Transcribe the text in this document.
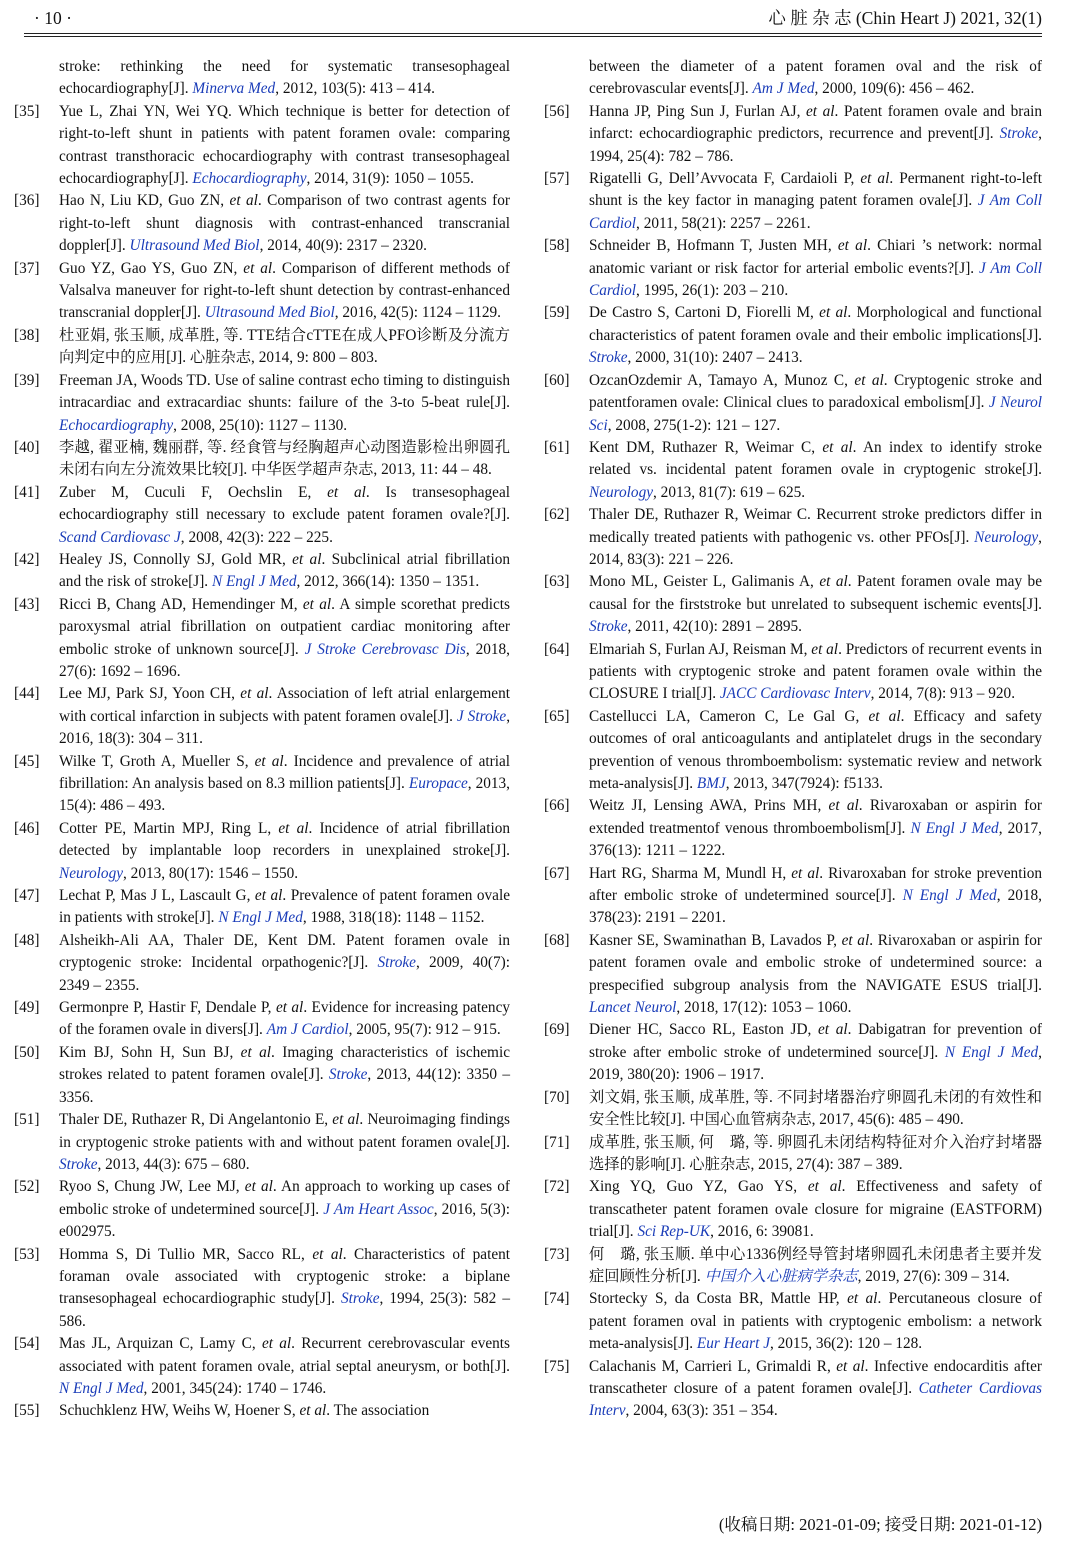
· 10 ·	心 脏 杂 志 (Chin Heart J) 2021, 32(1)

stroke: rethinking the need for systematic transesophageal echocardiography[J]. Minerva Med, 2012, 103(5): 413 – 414.

[35] Yue L, Zhai YN, Wei YQ. Which technique is better for detection of right-to-left shunt in patients with patent foramen ovale: comparing contrast transthoracic echocardiography with contrast transesophageal echocardiography[J]. Echocardiography, 2014, 31(9): 1050 – 1055.

[36] Hao N, Liu KD, Guo ZN, et al. Comparison of two contrast agents for right-to-left shunt diagnosis with contrast-enhanced transcranial doppler[J]. Ultrasound Med Biol, 2014, 40(9): 2317 – 2320.

[37] Guo YZ, Gao YS, Guo ZN, et al. Comparison of different methods of Valsalva maneuver for right-to-left shunt detection by contrast-enhanced transcranial doppler[J]. Ultrasound Med Biol, 2016, 42(5): 1124 – 1129.

[38] 杜亚娟, 张玉顺, 成革胜, 等. TTE结合cTTE在成人PFO诊断及分流方向判定中的应用[J]. 心脏杂志, 2014, 9: 800 – 803.

[39] Freeman JA, Woods TD. Use of saline contrast echo timing to distinguish intracardiac and extracardiac shunts: failure of the 3-to 5-beat rule[J]. Echocardiography, 2008, 25(10): 1127 – 1130.

[40] 李越, 翟亚楠, 魏丽群, 等. 经食管与经胸超声心动图造影检出卵圆孔未闭右向左分流效果比较[J]. 中华医学超声杂志, 2013, 11: 44 – 48.

[41] Zuber M, Cuculi F, Oechslin E, et al. Is transesophageal echocardiography still necessary to exclude patent foramen ovale?[J]. Scand Cardiovasc J, 2008, 42(3): 222 – 225.

[42] Healey JS, Connolly SJ, Gold MR, et al. Subclinical atrial fibrillation and the risk of stroke[J]. N Engl J Med, 2012, 366(14): 1350 – 1351.

[43] Ricci B, Chang AD, Hemendinger M, et al. A simple scorethat predicts paroxysmal atrial fibrillation on outpatient cardiac monitoring after embolic stroke of unknown source[J]. J Stroke Cerebrovasc Dis, 2018, 27(6): 1692 – 1696.

[44] Lee MJ, Park SJ, Yoon CH, et al. Association of left atrial enlargement with cortical infarction in subjects with patent foramen ovale[J]. J Stroke, 2016, 18(3): 304 – 311.

[45] Wilke T, Groth A, Mueller S, et al. Incidence and prevalence of atrial fibrillation: An analysis based on 8.3 million patients[J]. Europace, 2013, 15(4): 486 – 493.

[46] Cotter PE, Martin MPJ, Ring L, et al. Incidence of atrial fibrillation detected by implantable loop recorders in unexplained stroke[J]. Neurology, 2013, 80(17): 1546 – 1550.

[47] Lechat P, Mas J L, Lascault G, et al. Prevalence of patent foramen ovale in patients with stroke[J]. N Engl J Med, 1988, 318(18): 1148 – 1152.

[48] Alsheikh-Ali AA, Thaler DE, Kent DM. Patent foramen ovale in cryptogenic stroke: Incidental orpathogenic?[J]. Stroke, 2009, 40(7): 2349 – 2355.

[49] Germonpre P, Hastir F, Dendale P, et al. Evidence for increasing patency of the foramen ovale in divers[J]. Am J Cardiol, 2005, 95(7): 912 – 915.

[50] Kim BJ, Sohn H, Sun BJ, et al. Imaging characteristics of ischemic strokes related to patent foramen ovale[J]. Stroke, 2013, 44(12): 3350 – 3356.

[51] Thaler DE, Ruthazer R, Di Angelantonio E, et al. Neuroimaging findings in cryptogenic stroke patients with and without patent foramen ovale[J]. Stroke, 2013, 44(3): 675 – 680.

[52] Ryoo S, Chung JW, Lee MJ, et al. An approach to working up cases of embolic stroke of undetermined source[J]. J Am Heart Assoc, 2016, 5(3): e002975.

[53] Homma S, Di Tullio MR, Sacco RL, et al. Characteristics of patent foraman ovale associated with cryptogenic stroke: a biplane transesophageal echocardiographic study[J]. Stroke, 1994, 25(3): 582 – 586.

[54] Mas JL, Arquizan C, Lamy C, et al. Recurrent cerebrovascular events associated with patent foramen ovale, atrial septal aneurysm, or both[J]. N Engl J Med, 2001, 345(24): 1740 – 1746.

[55] Schuchklenz HW, Weihs W, Hoener S, et al. The association

between the diameter of a patent foramen oval and the risk of cerebrovascular events[J]. Am J Med, 2000, 109(6): 456 – 462.

[56] Hanna JP, Ping Sun J, Furlan AJ, et al. Patent foramen ovale and brain infarct: echocardiographic predictors, recurrence and prevent[J]. Stroke, 1994, 25(4): 782 – 786.

[57] Rigatelli G, Dell’Avvocata F, Cardaioli P, et al. Permanent right-to-left shunt is the key factor in managing patent foramen ovale[J]. J Am Coll Cardiol, 2011, 58(21): 2257 – 2261.

[58] Schneider B, Hofmann T, Justen MH, et al. Chiari ’s network: normal anatomic variant or risk factor for arterial embolic events?[J]. J Am Coll Cardiol, 1995, 26(1): 203 – 210.

[59] De Castro S, Cartoni D, Fiorelli M, et al. Morphological and functional characteristics of patent foramen ovale and their embolic implications[J]. Stroke, 2000, 31(10): 2407 – 2413.

[60] OzcanOzdemir A, Tamayo A, Munoz C, et al. Cryptogenic stroke and patentforamen ovale: Clinical clues to paradoxical embolism[J]. J Neurol Sci, 2008, 275(1-2): 121 – 127.

[61] Kent DM, Ruthazer R, Weimar C, et al. An index to identify stroke related vs. incidental patent foramen ovale in cryptogenic stroke[J]. Neurology, 2013, 81(7): 619 – 625.

[62] Thaler DE, Ruthazer R, Weimar C. Recurrent stroke predictors differ in medically treated patients with pathogenic vs. other PFOs[J]. Neurology, 2014, 83(3): 221 – 226.

[63] Mono ML, Geister L, Galimanis A, et al. Patent foramen ovale may be causal for the firststroke but unrelated to subsequent ischemic events[J]. Stroke, 2011, 42(10): 2891 – 2895.

[64] Elmariah S, Furlan AJ, Reisman M, et al. Predictors of recurrent events in patients with cryptogenic stroke and patent foramen ovale within the CLOSURE I trial[J]. JACC Cardiovasc Interv, 2014, 7(8): 913 – 920.

[65] Castellucci LA, Cameron C, Le Gal G, et al. Efficacy and safety outcomes of oral anticoagulants and antiplatelet drugs in the secondary prevention of venous thromboembolism: systematic review and network meta-analysis[J]. BMJ, 2013, 347(7924): f5133.

[66] Weitz JI, Lensing AWA, Prins MH, et al. Rivaroxaban or aspirin for extended treatmentof venous thromboembolism[J]. N Engl J Med, 2017, 376(13): 1211 – 1222.

[67] Hart RG, Sharma M, Mundl H, et al. Rivaroxaban for stroke prevention after embolic stroke of undetermined source[J]. N Engl J Med, 2018, 378(23): 2191 – 2201.

[68] Kasner SE, Swaminathan B, Lavados P, et al. Rivaroxaban or aspirin for patent foramen ovale and embolic stroke of undetermined source: a prespecified subgroup analysis from the NAVIGATE ESUS trial[J]. Lancet Neurol, 2018, 17(12): 1053 – 1060.

[69] Diener HC, Sacco RL, Easton JD, et al. Dabigatran for prevention of stroke after embolic stroke of undetermined source[J]. N Engl J Med, 2019, 380(20): 1906 – 1917.

[70] 刘文娟, 张玉顺, 成革胜, 等. 不同封堵器治疗卵圆孔未闭的有效性和安全性比较[J]. 中国心血管病杂志, 2017, 45(6): 485 – 490.

[71] 成革胜, 张玉顺, 何　璐, 等. 卵圆孔未闭结构特征对介入治疗封堵器选择的影响[J]. 心脏杂志, 2015, 27(4): 387 – 389.

[72] Xing YQ, Guo YZ, Gao YS, et al. Effectiveness and safety of transcatheter patent foramen ovale closure for migraine (EASTFORM) trial[J]. Sci Rep-UK, 2016, 6: 39081.

[73] 何　璐, 张玉顺. 单中心1336例经导管封堵卵圆孔未闭患者主要并发症回顾性分析[J]. 中国介入心脏病学杂志, 2019, 27(6): 309 – 314.

[74] Stortecky S, da Costa BR, Mattle HP, et al. Percutaneous closure of patent foramen oval in patients with cryptogenic embolism: a network meta-analysis[J]. Eur Heart J, 2015, 36(2): 120 – 128.

[75] Calachanis M, Carrieri L, Grimaldi R, et al. Infective endocarditis after transcatheter closure of a patent foramen ovale[J]. Catheter Cardiovas Interv, 2004, 63(3): 351 – 354.

(收稿日期: 2021-01-09; 接受日期: 2021-01-12)
